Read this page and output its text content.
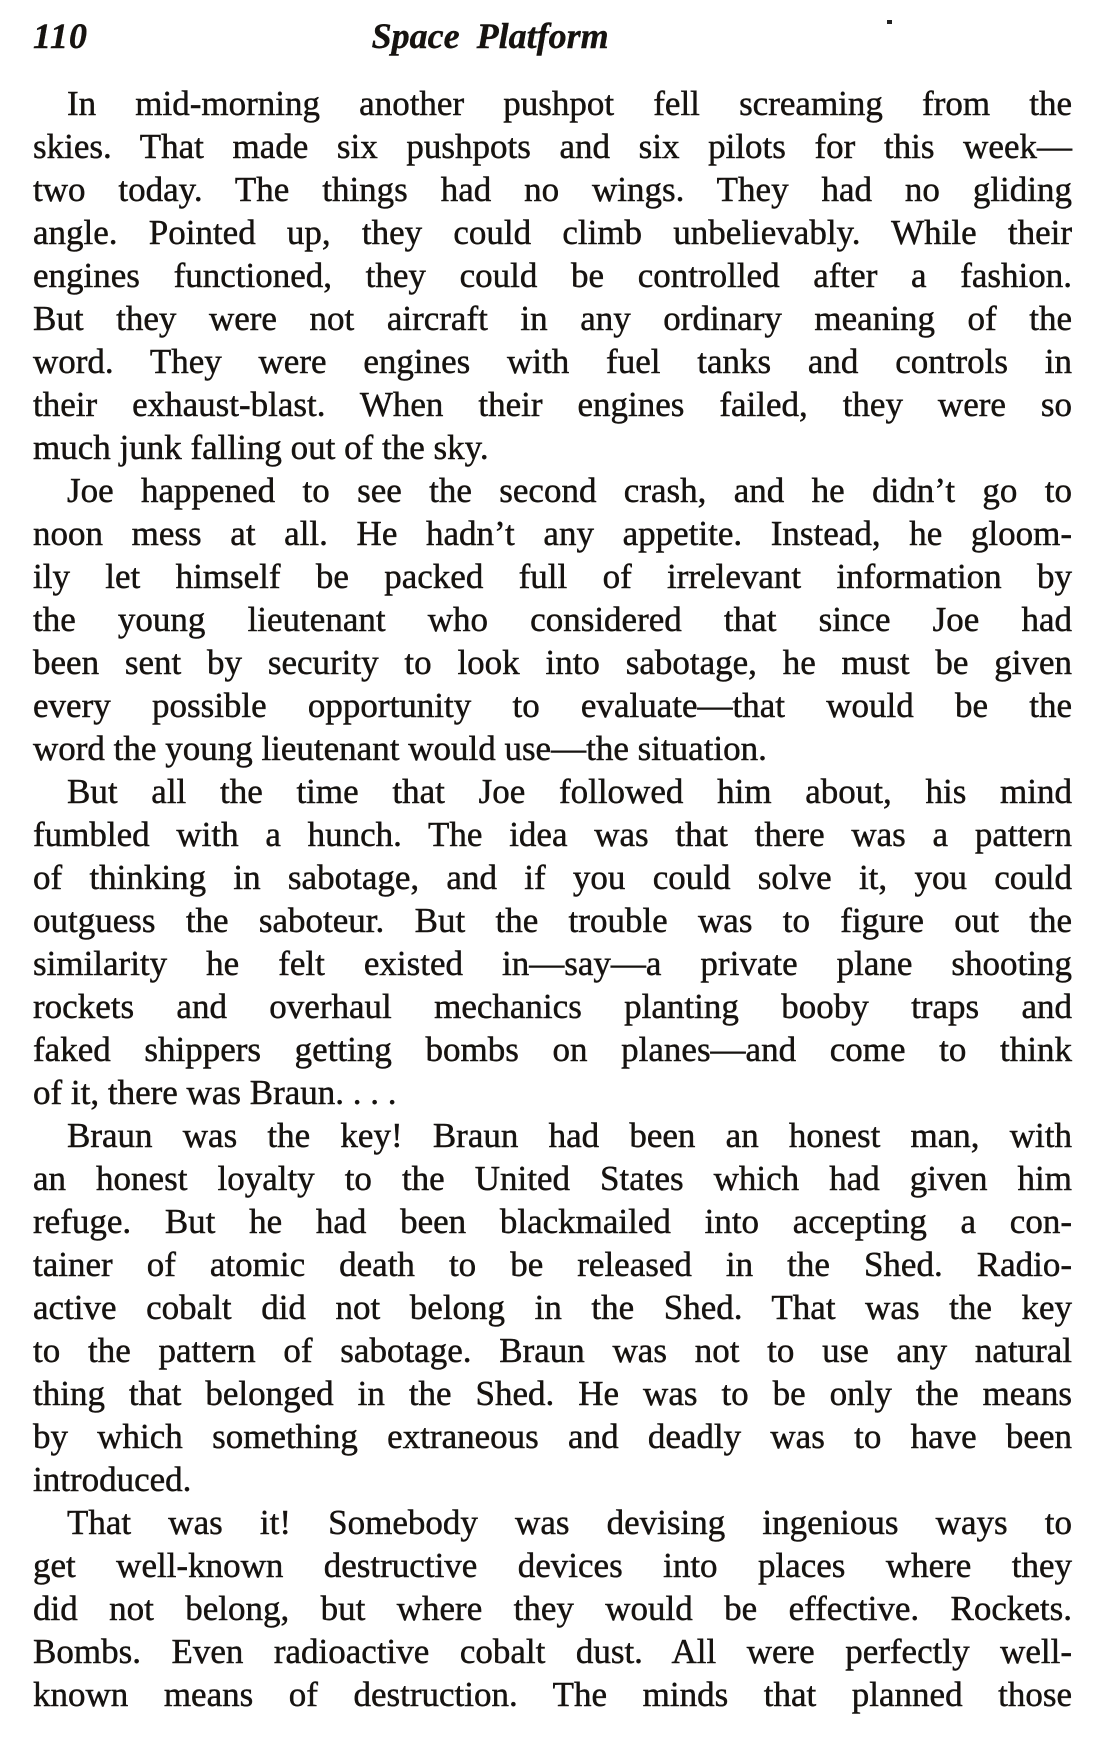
110	Space Platform
In mid-morning another pushpot fell screaming from the
skies. That made six pushpots and six pilots for this week—
two today. The things had no wings. They had no gliding
angle. Pointed up, they could climb unbelievably. While their
engines functioned, they could be controlled after a fashion.
But they were not aircraft in any ordinary meaning of the
word. They were engines with fuel tanks and controls in
their exhaust-blast. When their engines failed, they were so
much junk falling out of the sky.
Joe happened to see the second crash, and he didn’t go to
noon mess at all. He hadn’t any appetite. Instead, he gloom-
ily let himself be packed full of irrelevant information by
the young lieutenant who considered that since Joe had
been sent by security to look into sabotage, he must be given
every possible opportunity to evaluate—that would be the
word the young lieutenant would use—the situation.
But all the time that Joe followed him about, his mind
fumbled with a hunch. The idea was that there was a pattern
of thinking in sabotage, and if you could solve it, you could
outguess the saboteur. But the trouble was to figure out the
similarity he felt existed in—say—a private plane shooting
rockets and overhaul mechanics planting booby traps and
faked shippers getting bombs on planes—and come to think
of it, there was Braun. . . .
Braun was the key! Braun had been an honest man, with
an honest loyalty to the United States which had given him
refuge. But he had been blackmailed into accepting a con-
tainer of atomic death to be released in the Shed. Radio-
active cobalt did not belong in the Shed. That was the key
to the pattern of sabotage. Braun was not to use any natural
thing that belonged in the Shed. He was to be only the means
by which something extraneous and deadly was to have been
introduced.
That was it! Somebody was devising ingenious ways to
get well-known destructive devices into places where they
did not belong, but where they would be effective. Rockets.
Bombs. Even radioactive cobalt dust. All were perfectly well-
known means of destruction. The minds that planned those
